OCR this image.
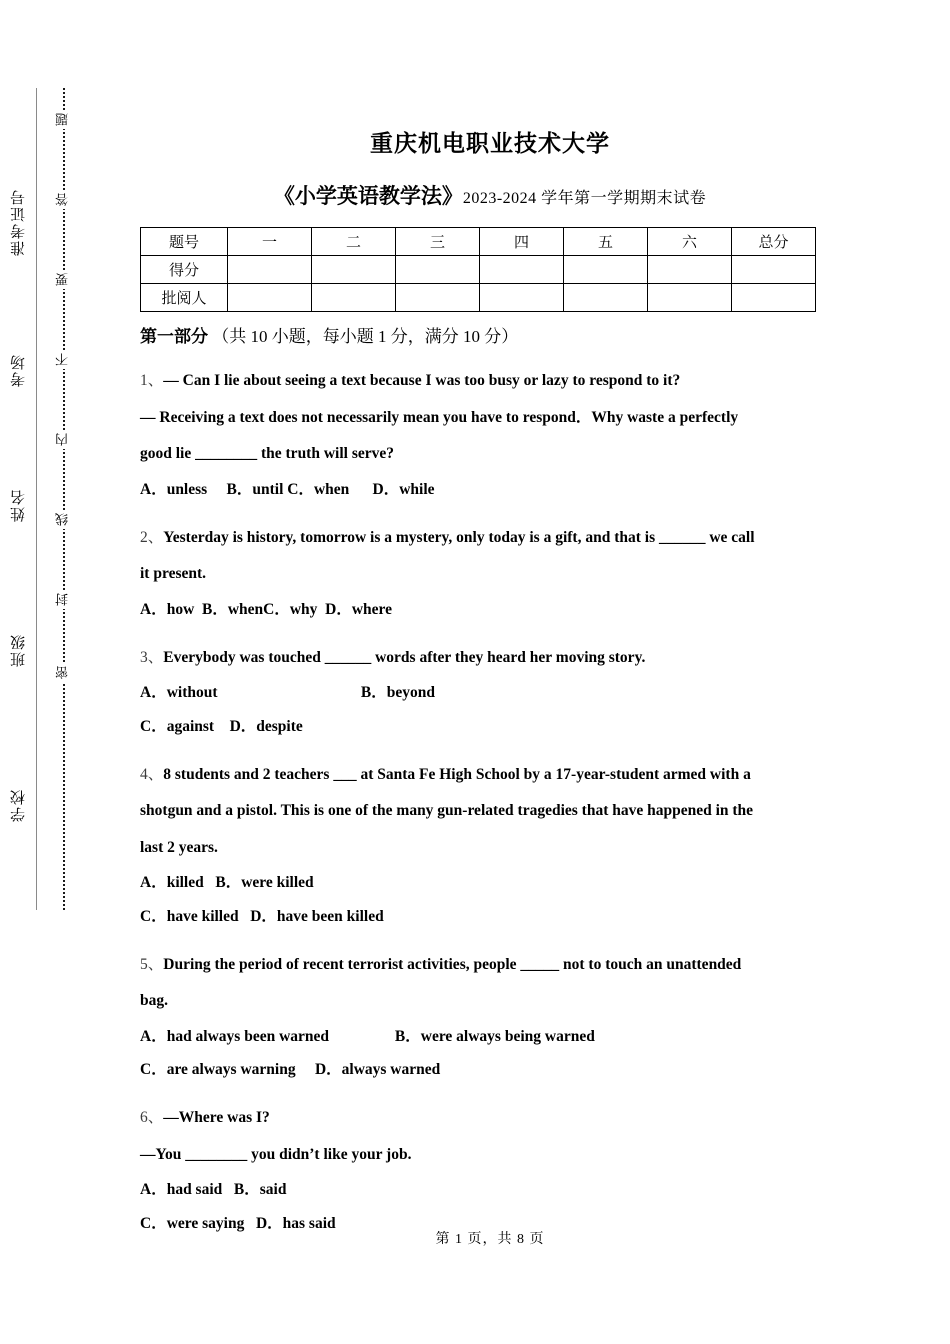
准考证号
考场
姓名
班级
学校
题
答
要
不
内
线
封
密
重庆机电职业技术大学
《小学英语教学法》2023-2024 学年第一学期期末试卷
题号	一	二	三	四	五	六	总分
得分							
批阅人							
第一部分 （共 10 小题，每小题 1 分，满分 10 分）
1、— Can I lie about seeing a text because I was too busy or lazy to respond to it?
— Receiving a text does not necessarily mean you have to respond．Why waste a perfectly
good lie ________ the truth will serve?
A．unless     B．until C．when      D．while
2、Yesterday is history, tomorrow is a mystery, only today is a gift, and that is ______ we call
it present.
A．how  B．whenC．why  D．where
3、Everybody was touched ______ words after they heard her moving story.
A．without                                     B．beyond
C．against    D．despite
4、8 students and 2 teachers ___ at Santa Fe High School by a 17-year-student armed with a
shotgun and a pistol. This is one of the many gun-related tragedies that have happened in the
last 2 years.
A．killed   B．were killed
C．have killed   D．have been killed
5、During the period of recent terrorist activities, people _____ not to touch an unattended
bag.
A．had always been warned                 B．were always being warned
C．are always warning     D．always warned
6、—Where was I?
—You ________ you didn’t like your job.
A．had said   B．said
C．were saying   D．has said
第 1 页，共 8 页
